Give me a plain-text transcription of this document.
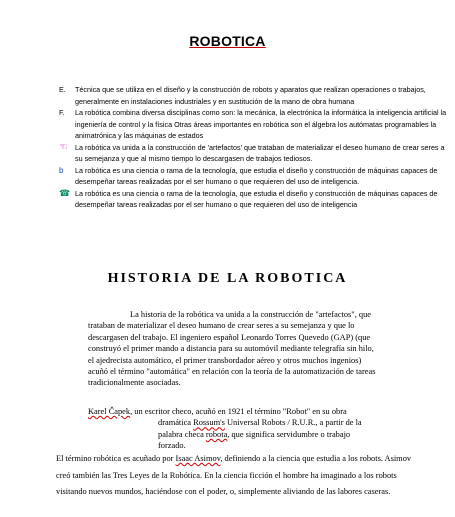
ROBOTICA
E.	Técnica que se utiliza en el diseño y la construcción de robots y aparatos que realizan operaciones o trabajos, generalmente en instalaciones industriales y en sustitución de la mano de obra humana
F.	La robótica combina diversa disciplinas como son: la mecánica, la electrónica la informática la inteligencia artificial la ingeniería de control y la física Otras áreas importantes en robótica son el álgebra los autómatas programables la animatrónica y las máquinas de estados
☜ La robótica va unida a la construcción de 'artefactos' que trataban de materializar el deseo humano de crear seres a su semejanza y que al mismo tiempo lo descargasen de trabajos tediosos.
b	La robótica es una ciencia o rama de la tecnología, que estudia el diseño y construcción de máquinas capaces de desempeñar tareas realizadas por el ser humano o que requieren del uso de inteligencia.
☎ La robótica es una ciencia o rama de la tecnología, que estudia el diseño y construcción de máquinas capaces de desempeñar tareas realizadas por el ser humano o que requieren del uso de inteligencia
HISTORIA DE LA ROBOTICA
La historia de la robótica va unida a la construcción de "artefactos", que trataban de materializar el deseo humano de crear seres a su semejanza y que lo descargasen del trabajo. El ingeniero español Leonardo Torres Quevedo (GAP) (que construyó el primer mando a distancia para su automóvil mediante telegrafía sin hilo, el ajedrecista automático, el primer transbordador aéreo y otros muchos ingenios) acuñó el término "automática" en relación con la teoría de la automatización de tareas tradicionalmente asociadas.
Karel Čapek, un escritor checo, acuñó en 1921 el término "Robot" en su obra
dramática Rossum's Universal Robots / R.U.R., a partir de la palabra checa robota, que significa servidumbre o trabajo forzado.
El término robótica es acuñado por Isaac Asimov, definiendo a la ciencia que estudia a los robots. Asimov creó también las Tres Leyes de la Robótica. En la ciencia ficción el hombre ha imaginado a los robots visitando nuevos mundos, haciéndose con el poder, o, simplemente aliviando de las labores caseras.
